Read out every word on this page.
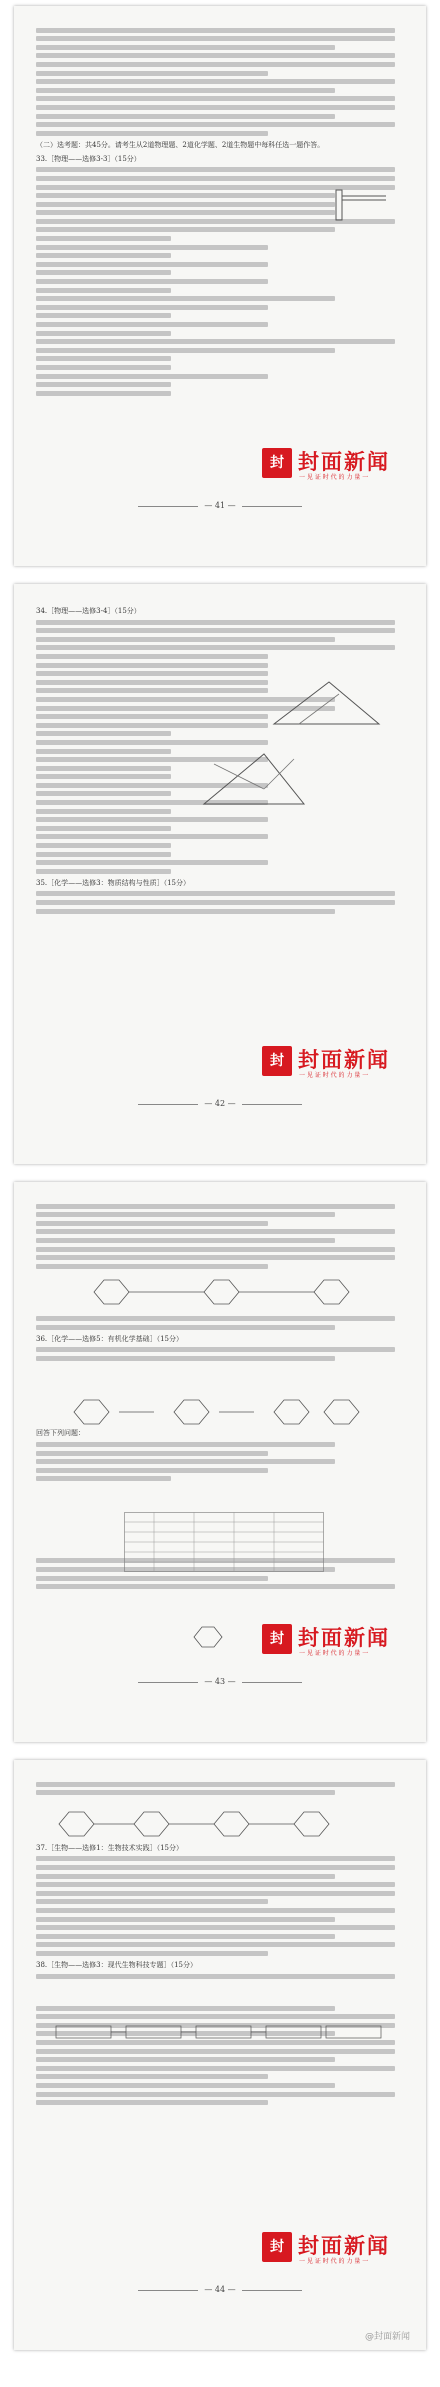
（二）选考题：共45分。请考生从2道物理题、2道化学题、2道生物题中每科任选一题作答。
33.［物理——选修3-3］（15分）
— 41 —
封 封面新闻
一 见 证 时 代 的 力 量 一
34.［物理——选修3-4］（15分）
35.［化学——选修3：物质结构与性质］（15分）
— 42 —
封 封面新闻
一 见 证 时 代 的 力 量 一
36.［化学——选修5：有机化学基础］（15分）
回答下列问题：
— 43 —
封 封面新闻
一 见 证 时 代 的 力 量 一
37.［生物——选修1：生物技术实践］（15分）
38.［生物——选修3：现代生物科技专题］（15分）
— 44 —
封 封面新闻
一 见 证 时 代 的 力 量 一
@封面新闻
